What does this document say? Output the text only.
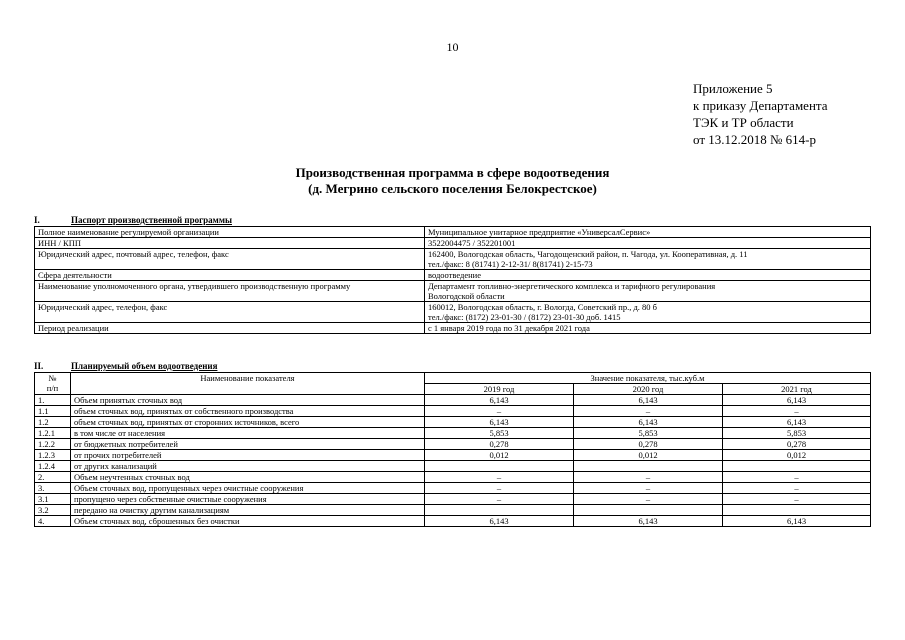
10
Приложение 5
к приказу Департамента
ТЭК и ТР области
от 13.12.2018 № 614-р
Производственная программа в сфере водоотведения
(д. Мегрино сельского поселения Белокрестское)
I.	Паспорт производственной программы
Полное наименование регулируемой организации	Муниципальное унитарное предприятие «УниверсалСервис»

ИНН / КПП	3522004475 / 352201001

Юридический адрес, почтовый адрес, телефон, факс	162400, Вологодская область, Чагодощенский район, п. Чагода, ул. Кооперативная, д. 11
тел./факс: 8 (81741) 2-12-31/ 8(81741) 2-15-73

Сфера деятельности	водоотведение

Наименование уполномоченного органа, утвердившего производственную программу	Департамент топливно-энергетического комплекса и тарифного регулирования
Вологодской области

Юридический адрес, телефон, факс	160012, Вологодская область, г. Вологда, Советский пр., д. 80 б
тел./факс: (8172) 23-01-30 / (8172) 23-01-30 доб. 1415

Период реализации	с 1 января 2019 года по 31 декабря 2021 года
II.	Планируемый объем водоотведения
№
п/п	Наименование показателя	Значение показателя, тыс.куб.м		
		2019 год	2020 год	2021 год
1.	Объем принятых сточных вод	6,143	6,143	6,143
1.1	объем сточных вод, принятых от собственного производства	–	–	–
1.2	объем сточных вод, принятых от сторонних источников, всего	6,143	6,143	6,143
1.2.1	в том числе от населения	5,853	5,853	5,853
1.2.2	от бюджетных потребителей	0,278	0,278	0,278
1.2.3	от прочих потребителей	0,012	0,012	0,012
1.2.4	от других канализаций			
2.	Объем неучтенных сточных вод	–	–	–
3.	Объем сточных вод, пропущенных через очистные сооружения	–	–	–
3.1	пропущено через собственные очистные сооружения	–	–	–
3.2	передано на очистку другим канализациям			
4.	Объем сточных вод, сброшенных без очистки	6,143	6,143	6,143
